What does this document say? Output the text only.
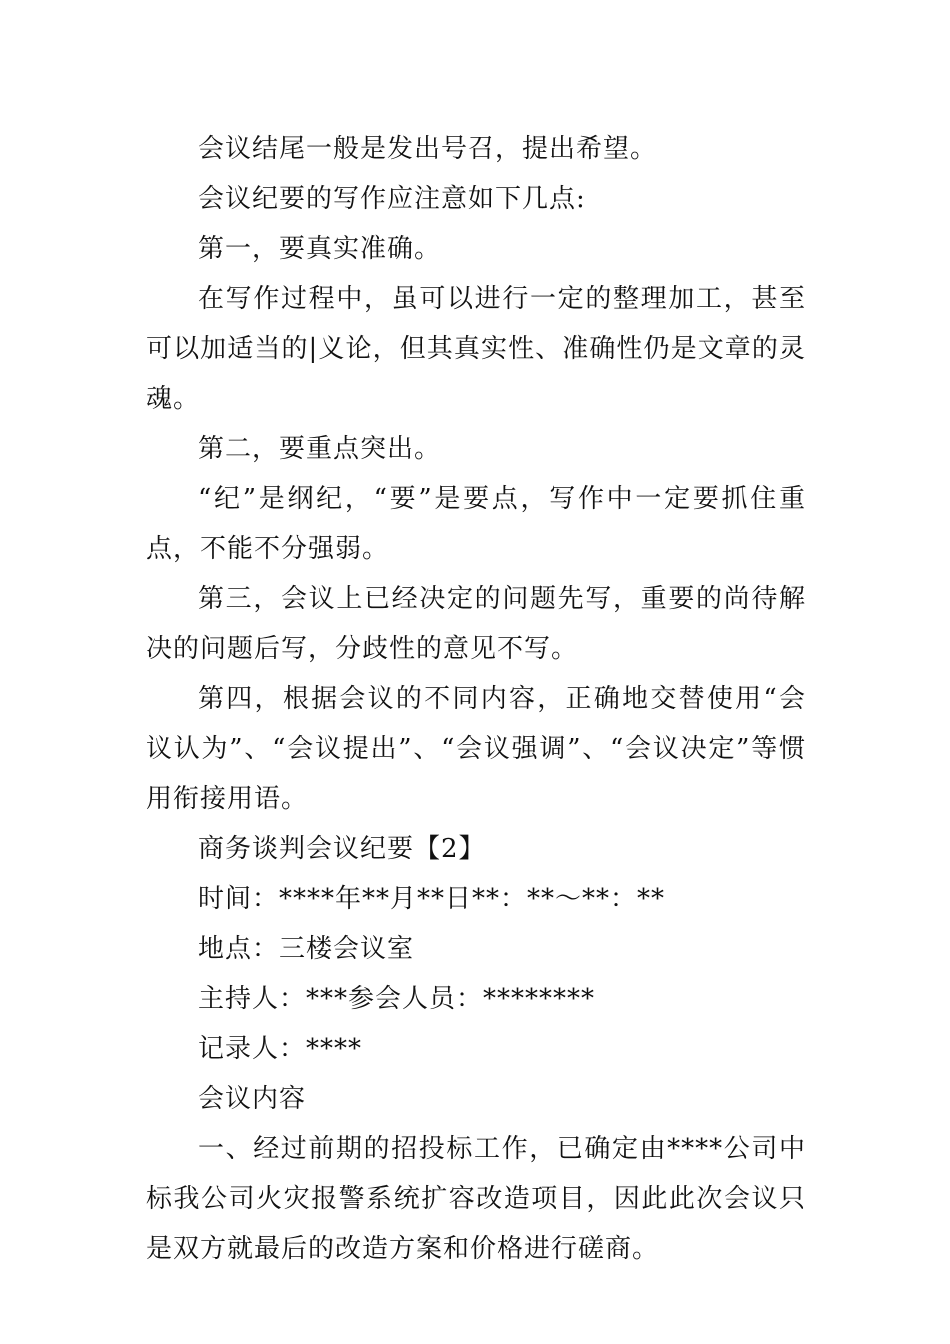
会议结尾一般是发出号召，提出希望。

会议纪要的写作应注意如下几点:

第一，要真实准确。

在写作过程中，虽可以进行一定的整理加工，甚至可以加适当的|义论，但其真实性、准确性仍是文章的灵魂。

第二，要重点突出。

“纪”是纲纪，“要”是要点，写作中一定要抓住重点，不能不分强弱。

第三，会议上已经决定的问题先写，重要的尚待解决的问题后写，分歧性的意见不写。

第四，根据会议的不同内容，正确地交替使用“会议认为”、“会议提出”、“会议强调”、“会议决定”等惯用衔接用语。

商务谈判会议纪要【2】

时间：****年**月**日**：**～**：**

地点：三楼会议室

主持人：***参会人员：********

记录人：****

会议内容

一、经过前期的招投标工作，已确定由****公司中标我公司火灾报警系统扩容改造项目，因此此次会议只是双方就最后的改造方案和价格进行磋商。
